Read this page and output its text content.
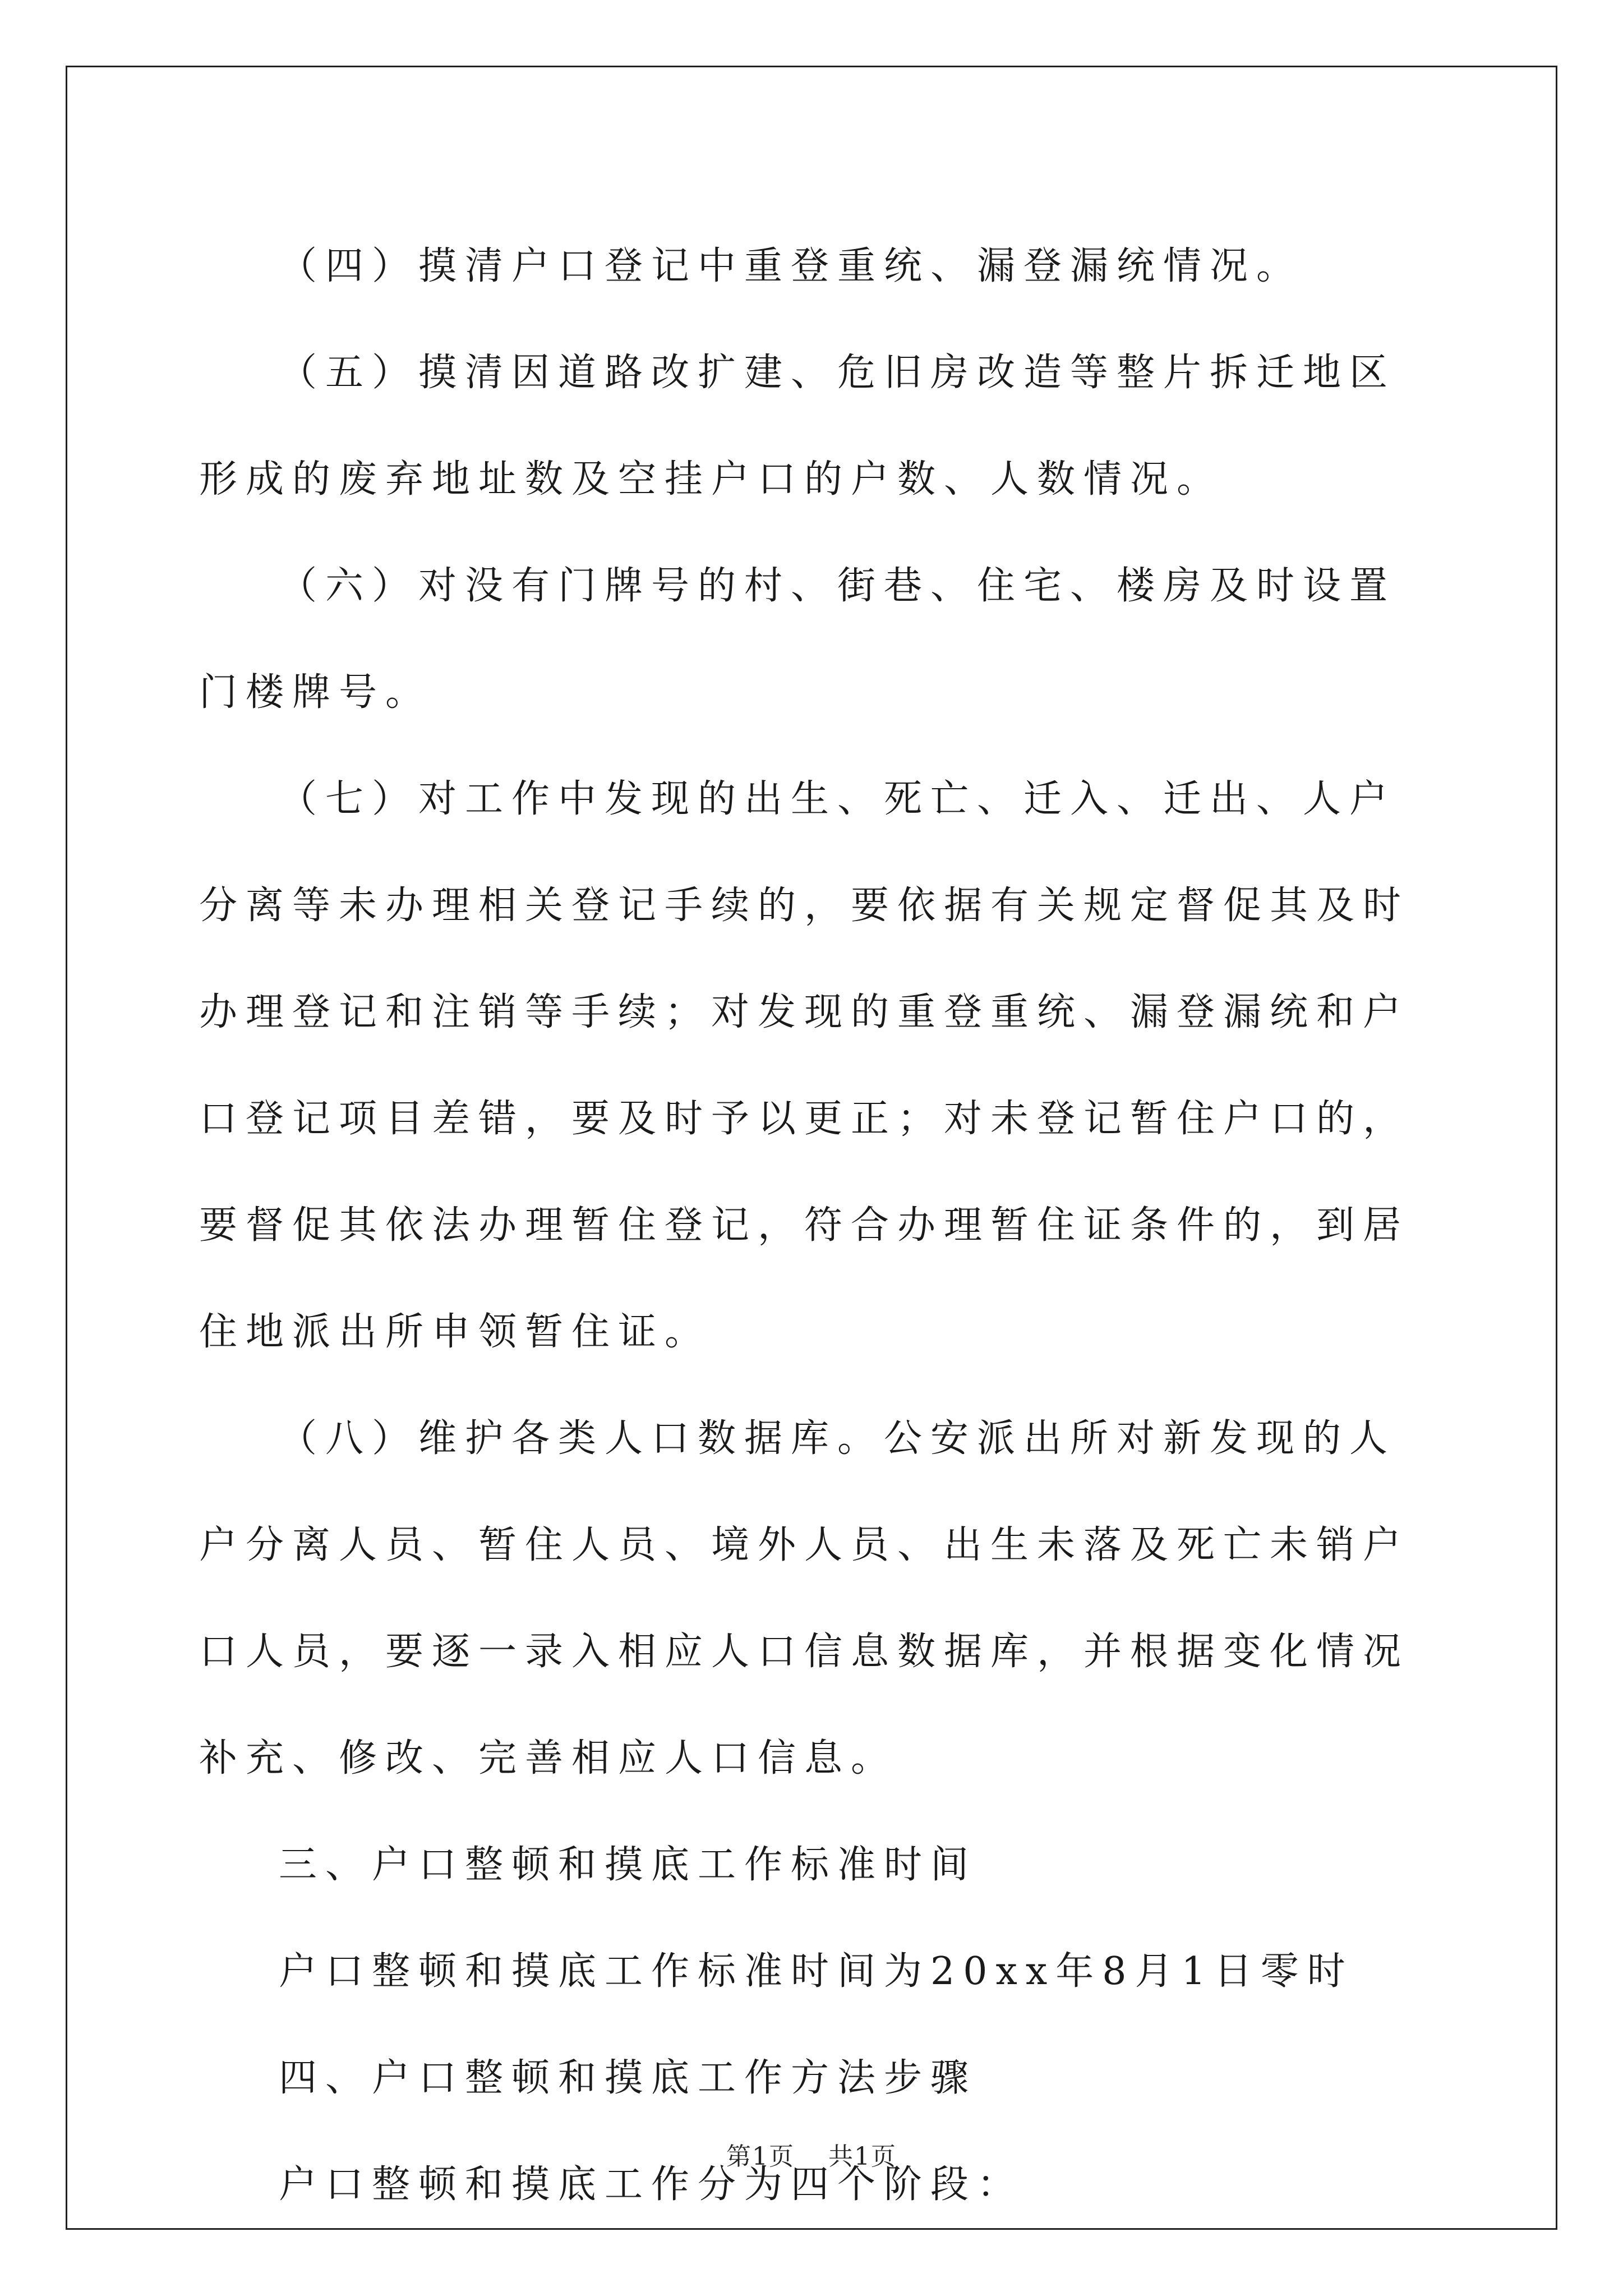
（四）摸清户口登记中重登重统、漏登漏统情况。

（五）摸清因道路改扩建、危旧房改造等整片拆迁地区形成的废弃地址数及空挂户口的户数、人数情况。

（六）对没有门牌号的村、街巷、住宅、楼房及时设置门楼牌号。

（七）对工作中发现的出生、死亡、迁入、迁出、人户分离等未办理相关登记手续的，要依据有关规定督促其及时办理登记和注销等手续；对发现的重登重统、漏登漏统和户口登记项目差错，要及时予以更正；对未登记暂住户口的，要督促其依法办理暂住登记，符合办理暂住证条件的，到居住地派出所申领暂住证。

（八）维护各类人口数据库。公安派出所对新发现的人户分离人员、暂住人员、境外人员、出生未落及死亡未销户口人员，要逐一录入相应人口信息数据库，并根据变化情况补充、修改、完善相应人口信息。

三、户口整顿和摸底工作标准时间

户口整顿和摸底工作标准时间为20xx年8月1日零时

四、户口整顿和摸底工作方法步骤

户口整顿和摸底工作分为四个阶段：

第1页 共1页
